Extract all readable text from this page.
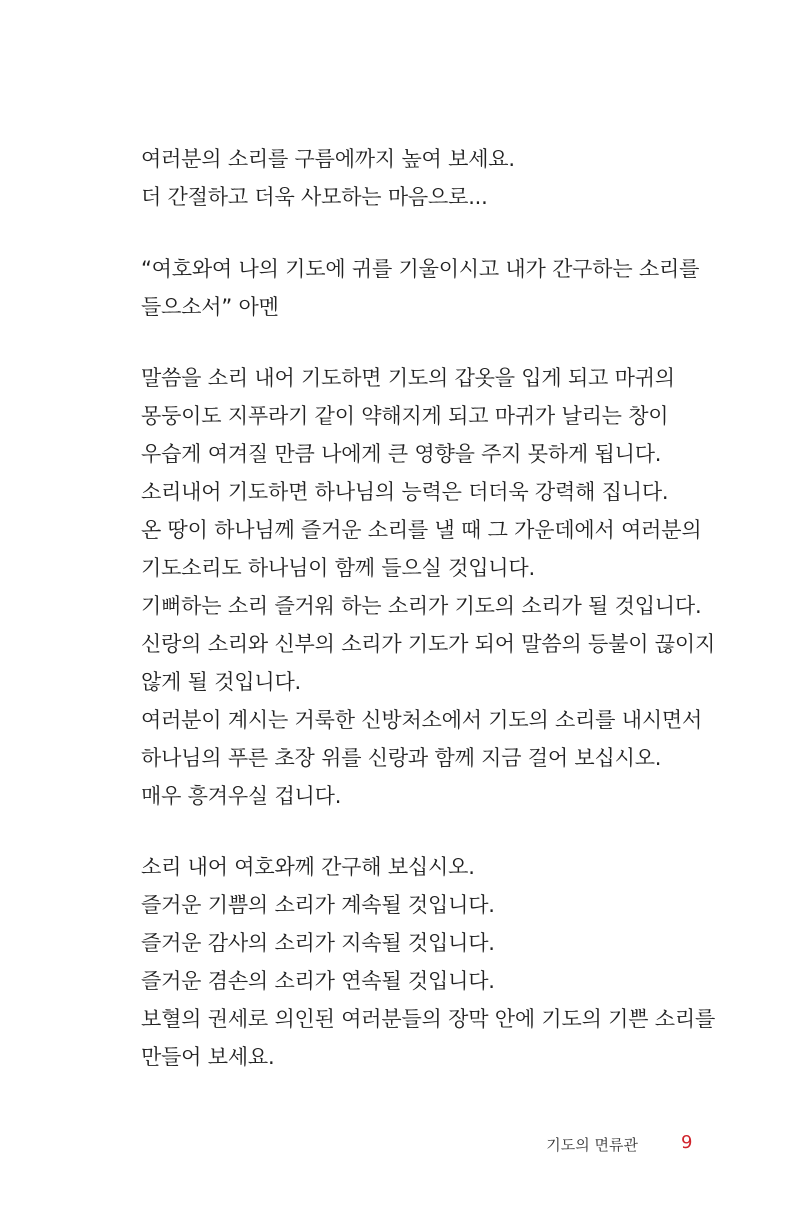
여러분의 소리를 구름에까지 높여 보세요.
더 간절하고 더욱 사모하는 마음으로...
“여호와여 나의 기도에 귀를 기울이시고 내가 간구하는 소리를
들으소서” 아멘
말씀을 소리 내어 기도하면 기도의 갑옷을 입게 되고 마귀의
몽둥이도 지푸라기 같이 약해지게 되고 마귀가 날리는 창이
우습게 여겨질 만큼 나에게 큰 영향을 주지 못하게 됩니다.
소리내어 기도하면 하나님의 능력은 더더욱 강력해 집니다.
온 땅이 하나님께 즐거운 소리를 낼 때 그 가운데에서 여러분의
기도소리도 하나님이 함께 들으실 것입니다.
기뻐하는 소리 즐거워 하는 소리가 기도의 소리가 될 것입니다.
신랑의 소리와 신부의 소리가 기도가 되어 말씀의 등불이 끊이지
않게 될 것입니다.
여러분이 계시는 거룩한 신방처소에서 기도의 소리를 내시면서
하나님의 푸른 초장 위를 신랑과 함께 지금 걸어 보십시오.
매우 흥겨우실 겁니다.
소리 내어 여호와께 간구해 보십시오.
즐거운 기쁨의 소리가 계속될 것입니다.
즐거운 감사의 소리가 지속될 것입니다.
즐거운 겸손의 소리가 연속될 것입니다.
보혈의 권세로 의인된 여러분들의 장막 안에 기도의 기쁜 소리를
만들어 보세요.
기도의 면류관 9
